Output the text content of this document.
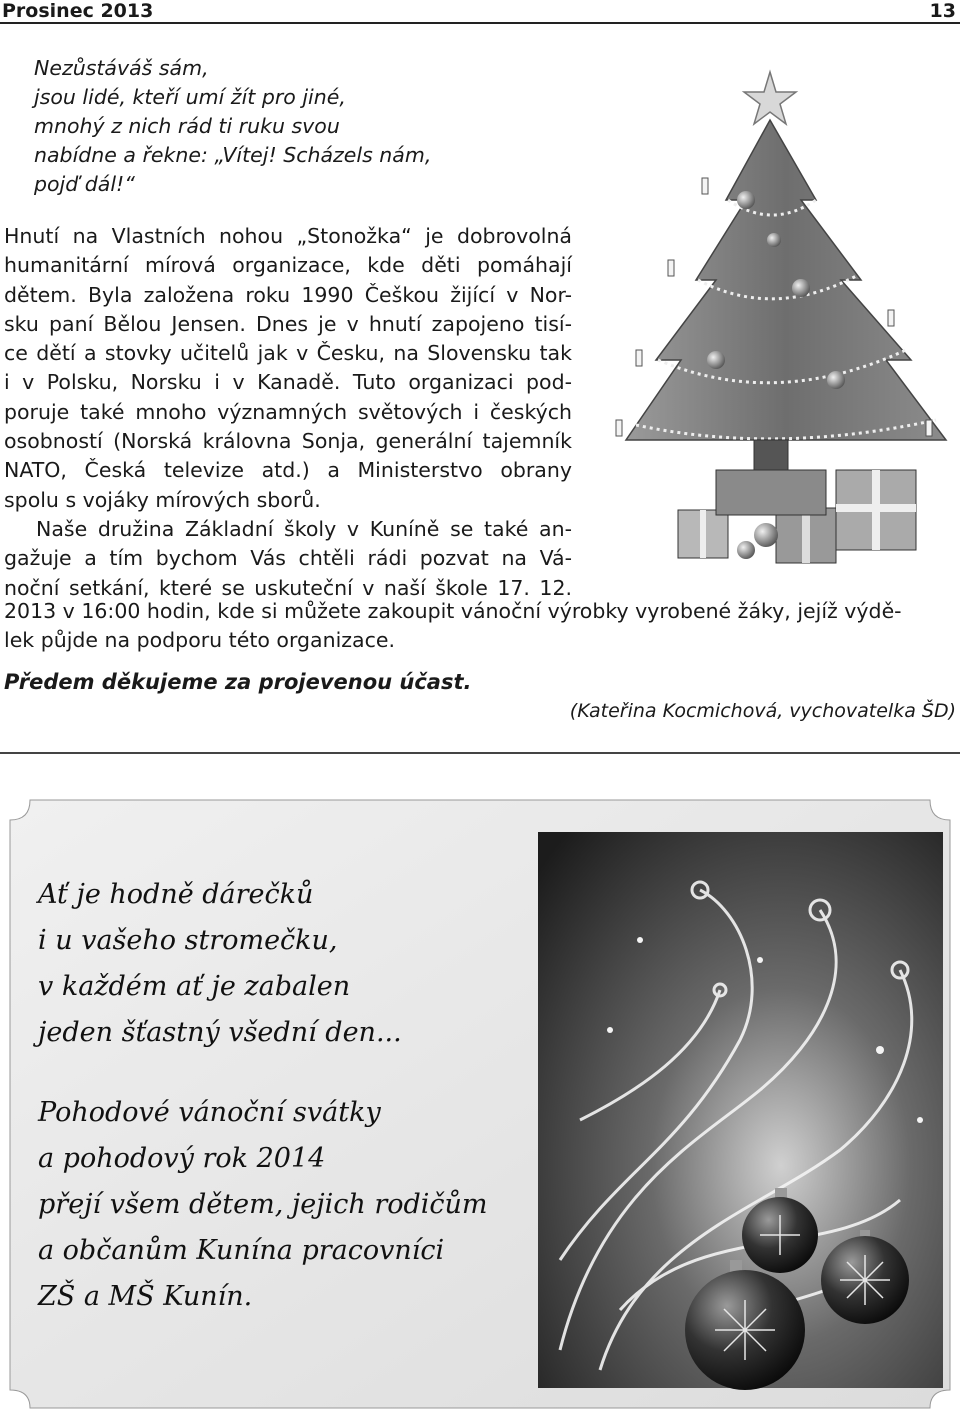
Prosinec 2013	13
Nezůstáváš sám,
jsou lidé, kteří umí žít pro jiné,
mnohý z nich rád ti ruku svou
nabídne a řekne: „Vítej! Scházels nám,
pojď dál!“
Hnutí na Vlastních nohou „Stonožka“ je dobrovolná
humanitární mírová organizace, kde děti pomáhají
dětem. Byla založena roku 1990 Češkou žijící v Nor-
sku paní Bělou Jensen. Dnes je v hnutí zapojeno tisí-
ce dětí a stovky učitelů jak v Česku, na Slovensku tak
i v Polsku, Norsku i v Kanadě. Tuto organizaci pod-
poruje také mnoho významných světových i českých
osobností (Norská královna Sonja, generální tajemník
NATO, Česká televize atd.) a Ministerstvo obrany
spolu s vojáky mírových sborů.
Naše družina Základní školy v Kuníně se také an-
gažuje a tím bychom Vás chtěli rádi pozvat na Vá-
noční setkání, které se uskuteční v naší škole 17. 12.
2013 v 16:00 hodin, kde si můžete zakoupit vánoční výrobky vyrobené žáky, jejíž výdě-
lek půjde na podporu této organizace.
Předem děkujeme za projevenou účast.
(Kateřina Kocmichová, vychovatelka ŠD)
Ať je hodně dárečků
i u vašeho stromečku,
v každém ať je zabalen
jeden šťastný všední den...
Pohodové vánoční svátky
a pohodový rok 2014
přejí všem dětem, jejich rodičům
a občanům Kunína pracovníci
ZŠ a MŠ Kunín.
